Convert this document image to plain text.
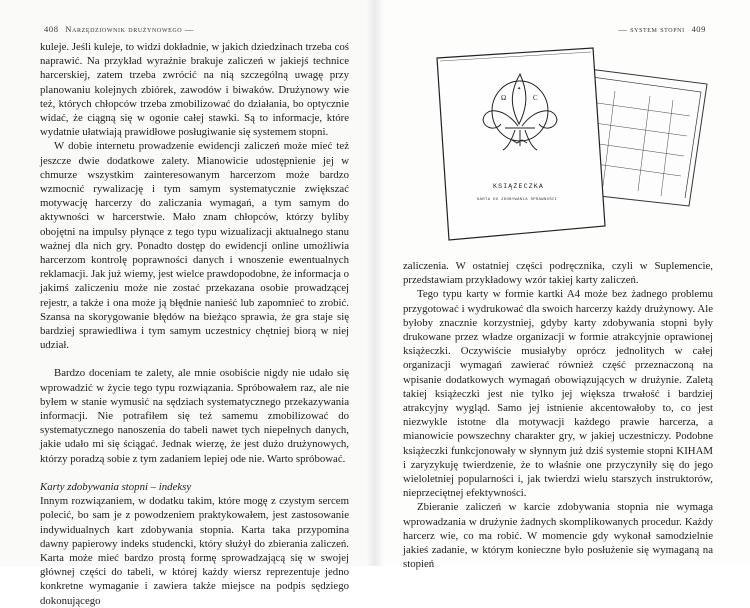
408 Narzędziownik drużynowego —

kuleje. Jeśli kuleje, to widzi dokładnie, w jakich dziedzinach trzeba coś naprawić. Na przykład wyraźnie brakuje zaliczeń w jakiejś technice harcerskiej, zatem trzeba zwrócić na nią szczególną uwagę przy planowaniu kolejnych zbiórek, zawodów i biwaków. Drużynowy wie też, których chłopców trzeba zmobilizować do działania, bo optycznie widać, że ciągną się w ogonie całej stawki. Są to informacje, które wydatnie ułatwiają prawidłowe posługiwanie się systemem stopni.

W dobie internetu prowadzenie ewidencji zaliczeń może mieć też jeszcze dwie dodatkowe zalety. Mianowicie udostępnienie jej w chmurze wszystkim zainteresowanym harcerzom może bardzo wzmocnić rywalizację i tym samym systematycznie zwiększać motywację harcerzy do zaliczania wymagań, a tym samym do aktywności w harcerstwie. Mało znam chłopców, którzy byliby obojętni na impulsy płynące z tego typu wizualizacji aktualnego stanu ważnej dla nich gry. Ponadto dostęp do ewidencji online umożliwia harcerzom kontrolę poprawności danych i wnoszenie ewentualnych reklamacji. Jak już wiemy, jest wielce prawdopodobne, że informacja o jakimś zaliczeniu może nie zostać przekazana osobie prowadzącej rejestr, a także i ona może ją błędnie nanieść lub zapomnieć to zrobić. Szansa na skorygowanie błędów na bieżąco sprawia, że gra staje się bardziej sprawiedliwa i tym samym uczestnicy chętniej biorą w niej udział.

Bardzo doceniam te zalety, ale mnie osobiście nigdy nie udało się wprowadzić w życie tego typu rozwiązania. Spróbowałem raz, ale nie byłem w stanie wymusić na sędziach systematycznego przekazywania informacji. Nie potrafiłem się też samemu zmobilizować do systematycznego nanoszenia do tabeli nawet tych niepełnych danych, jakie udało mi się ściągać. Jednak wierzę, że jest dużo drużynowych, którzy poradzą sobie z tym zadaniem lepiej ode nie. Warto spróbować.

Karty zdobywania stopni – indeksy

Innym rozwiązaniem, w dodatku takim, które mogę z czystym sercem polecić, bo sam je z powodzeniem praktykowałem, jest zastosowanie indywidualnych kart zdobywania stopnia. Karta taka przypomina dawny papierowy indeks studencki, który służył do zbierania zaliczeń. Karta może mieć bardzo prostą formę sprowadzającą się w swojej głównej części do tabeli, w której każdy wiersz reprezentuje jedno konkretne wymaganie i zawiera także miejsce na podpis sędziego dokonującego

— system stopni 409
Ω	С
✦
KSIĄŻECZKA
KARTA DO ZDOBYWANIA SPRAWNOŚCI

zaliczenia. W ostatniej części podręcznika, czyli w Suplemencie, przedstawiam przykładowy wzór takiej karty zaliczeń.

Tego typu karty w formie kartki A4 może bez żadnego problemu przygotować i wydrukować dla swoich harcerzy każdy drużynowy. Ale byłoby znacznie korzystniej, gdyby karty zdobywania stopni były drukowane przez władze organizacji w formie atrakcyjnie oprawionej książeczki. Oczywiście musiałyby oprócz jednolitych w całej organizacji wymagań zawierać również część przeznaczoną na wpisanie dodatkowych wymagań obowiązujących w drużynie. Zaletą takiej książeczki jest nie tylko jej większa trwałość i bardziej atrakcyjny wygląd. Samo jej istnienie akcentowałoby to, co jest niezwykle istotne dla motywacji każdego prawie harcerza, a mianowicie powszechny charakter gry, w jakiej uczestniczy. Podobne książeczki funkcjonowały w słynnym już dziś systemie stopni KIHAM i zaryzykuję twierdzenie, że to właśnie one przyczyniły się do jego wieloletniej popularności i, jak twierdzi wielu starszych instruktorów, nieprzeciętnej efektywności.

Zbieranie zaliczeń w karcie zdobywania stopnia nie wymaga wprowadzania w drużynie żadnych skomplikowanych procedur. Każdy harcerz wie, co ma robić. W momencie gdy wykonał samodzielnie jakieś zadanie, w którym konieczne było posłużenie się wymaganą na stopień
